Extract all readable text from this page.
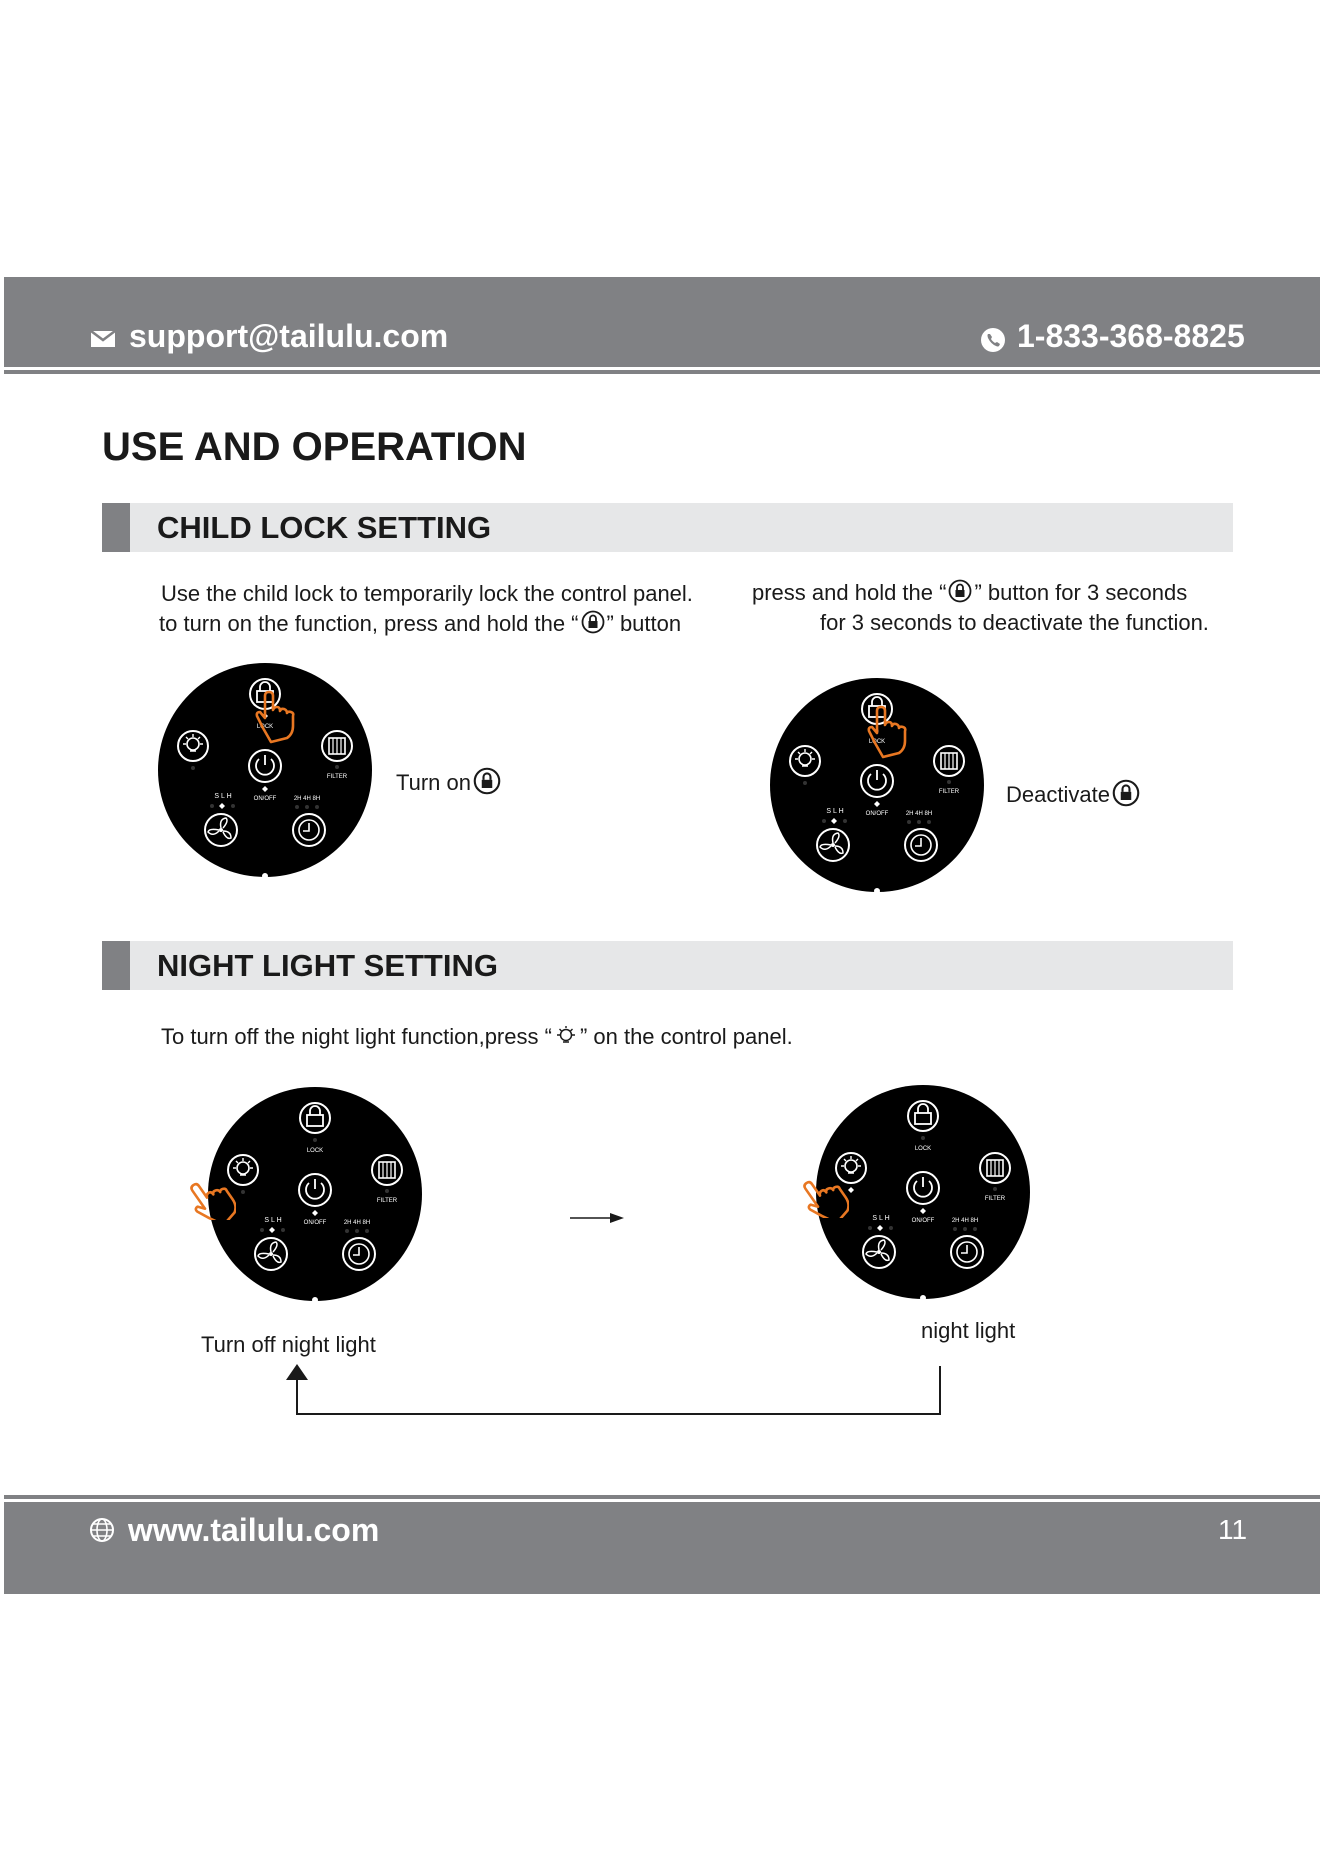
support@tailulu.com	1-833-368-8825
USE AND OPERATION
CHILD LOCK SETTING
Use the child lock to temporarily lock the control panel.
to turn on the function, press and hold the “ ” button
press and hold the “ ” button for 3 seconds
for 3 seconds to deactivate the function.
LOCK
FILTER
ON/OFF
S L H	2H 4H 8H
Turn on
LOCK
FILTER
ON/OFF
S L H	2H 4H 8H
Deactivate
NIGHT LIGHT SETTING
To turn off the night light function,press “ ” on the control panel.
LOCK
FILTER
ON/OFF
S L H	2H 4H 8H
Turn off night light
LOCK
FILTER
ON/OFF
S L H	2H 4H 8H
night light
www.tailulu.com	11
